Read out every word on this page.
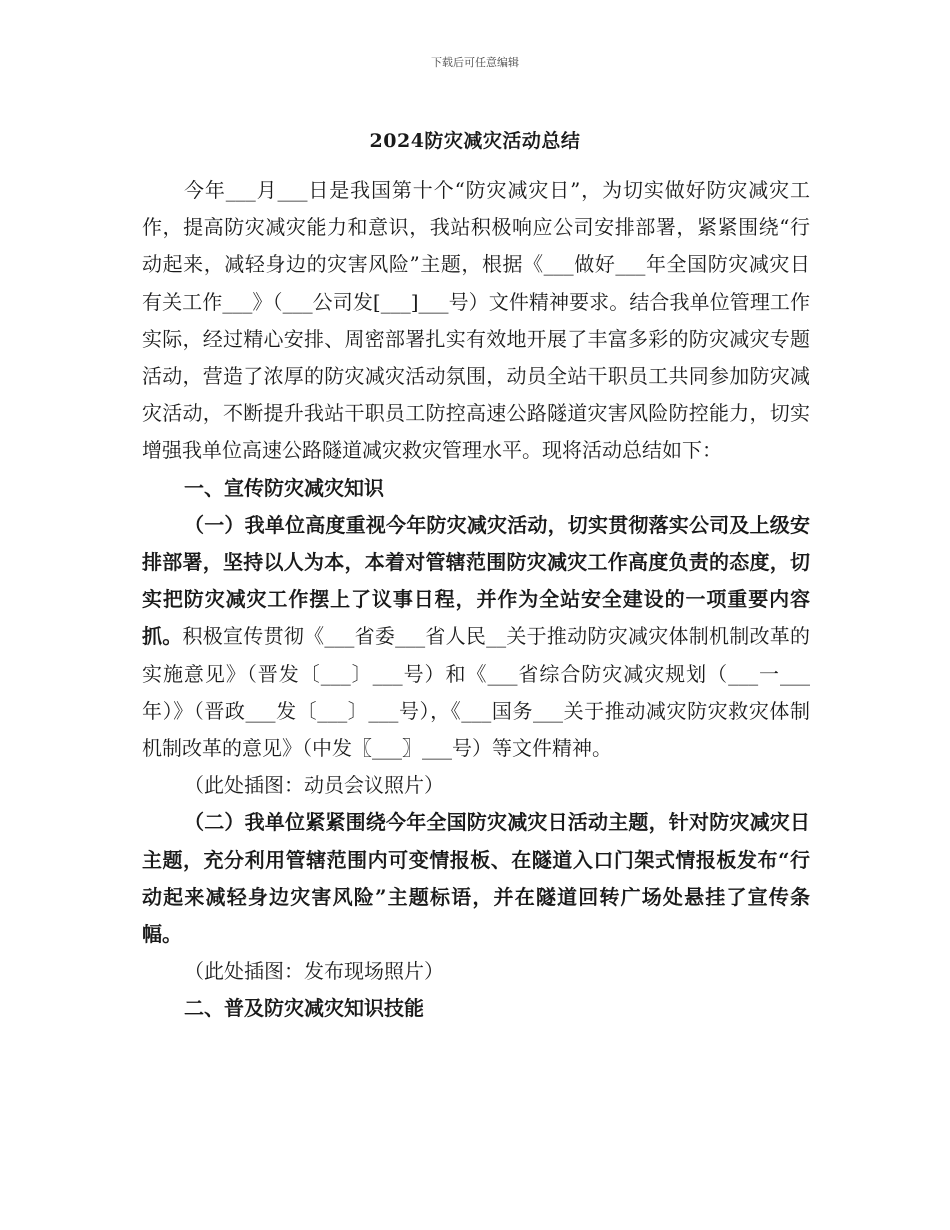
下载后可任意编辑
2024防灾减灾活动总结

今年___月___日是我国第十个“防灾减灾日”，为切实做好防灾减灾工作，提高防灾减灾能力和意识，我站积极响应公司安排部署，紧紧围绕“行动起来，减轻身边的灾害风险”主题，根据《___做好___年全国防灾减灾日有关工作___》（___公司发[___]___号）文件精神要求。结合我单位管理工作实际，经过精心安排、周密部署扎实有效地开展了丰富多彩的防灾减灾专题活动，营造了浓厚的防灾减灾活动氛围，动员全站干职员工共同参加防灾减灾活动，不断提升我站干职员工防控高速公路隧道灾害风险防控能力，切实增强我单位高速公路隧道减灾救灾管理水平。现将活动总结如下：

一、宣传防灾减灾知识

（一）我单位高度重视今年防灾减灾活动，切实贯彻落实公司及上级安排部署，坚持以人为本，本着对管辖范围防灾减灾工作高度负责的态度，切实把防灾减灾工作摆上了议事日程，并作为全站安全建设的一项重要内容抓。积极宣传贯彻《___省委___省人民__关于推动防灾减灾体制机制改革的实施意见》（晋发〔___〕___号）和《___省综合防灾减灾规划（___一___年）》（晋政___发〔___〕___号），《___国务___关于推动减灾防灾救灾体制机制改革的意见》（中发〖___〗___号）等文件精神。

（此处插图：动员会议照片）

（二）我单位紧紧围绕今年全国防灾减灾日活动主题，针对防灾减灾日主题，充分利用管辖范围内可变情报板、在隧道入口门架式情报板发布“行动起来减轻身边灾害风险”主题标语，并在隧道回转广场处悬挂了宣传条幅。

（此处插图：发布现场照片）

二、普及防灾减灾知识技能
